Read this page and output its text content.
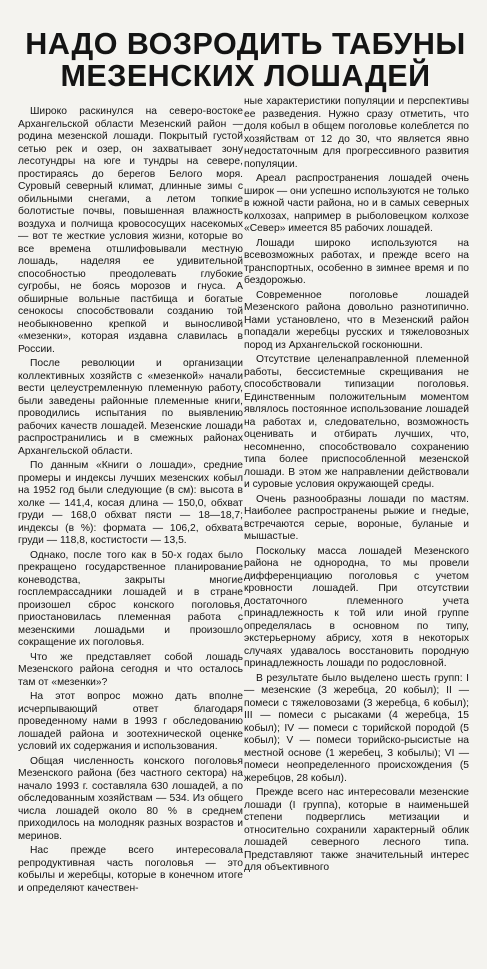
НАДО ВОЗРОДИТЬ ТАБУНЫ
МЕЗЕНСКИХ ЛОШАДЕЙ

Широко раскинулся на северо-востоке Архангельской области Мезенский район — родина мезенской лошади. Покрытый густой сетью рек и озер, он захватывает зону лесотундры на юге и тундры на севере, простираясь до берегов Белого моря. Суровый северный климат, длинные зимы с обильными снегами, а летом топкие болотистые почвы, повышенная влажность воздуха и полчища кровососущих насекомых — вот те жесткие условия жизни, которые во все времена отшлифовывали местную лошадь, наделяя ее удивительной способностью преодолевать глубокие сугробы, не боясь морозов и гнуса. А обширные вольные пастбища и богатые сенокосы способствовали созданию той необыкновенно крепкой и выносливой «мезенки», которая издавна славилась в России.

После революции и организации коллективных хозяйств с «мезенкой» начали вести целеустремленную племенную работу, были заведены районные племенные книги, проводились испытания по выявлению рабочих качеств лошадей. Мезенские лошади распространились и в смежных районах Архангельской области.

По данным «Книги о лошади», средние промеры и индексы лучших мезенских кобыл на 1952 год были следующие (в см): высота в холке — 141,4, косая длина — 150,0, обхват груди — 168,0 обхват пясти — 18—18,7; индексы (в %): формата — 106,2, обхвата груди — 118,8, костистости — 13,5.

Однако, после того как в 50-х годах было прекращено государственное планирование коневодства, закрыты многие госплемрассадники лошадей и в стране произошел сброс конского поголовья, приостановилась племенная работа с мезенскими лошадьми и произошло сокращение их поголовья.

Что же представляет собой лошадь Мезенского района сегодня и что осталось там от «мезенки»?

На этот вопрос можно дать вполне исчерпывающий ответ благодаря проведенному нами в 1993 г обследованию лошадей района и зоотехнической оценке условий их содержания и использования.

Общая численность конского поголовья Мезенского района (без частного сектора) на начало 1993 г. составляла 630 лошадей, а по обследованным хозяйствам — 534. Из общего числа лошадей около 80 % в среднем приходилось на молодняк разных возрастов и меринов.

Нас прежде всего интересовала репродуктивная часть поголовья — это кобылы и жеребцы, которые в конечном итоге и определяют качествен-

ные характеристики популяции и перспективы ее разведения. Нужно сразу отметить, что доля кобыл в общем поголовье колеблется по хозяйствам от 12 до 30, что является явно недостаточным для прогрессивного развития популяции.

Ареал распространения лошадей очень широк — они успешно используются не только в южной части района, но и в самых северных колхозах, например в рыболовецком колхозе «Север» имеется 85 рабочих лошадей.

Лошади широко используются на всевозможных работах, и прежде всего на транспортных, особенно в зимнее время и по бездорожью.

Современное поголовье лошадей Мезенского района довольно разнотипично. Нами установлено, что в Мезенский район попадали жеребцы русских и тяжеловозных пород из Архангельской госконюшни.

Отсутствие целенаправленной племенной работы, бессистемные скрещивания не способствовали типизации поголовья. Единственным положительным моментом являлось постоянное использование лошадей на работах и, следовательно, возможность оценивать и отбирать лучших, что, несомненно, способствовало сохранению типа более приспособленной мезенской лошади. В этом же направлении действовали и суровые условия окружающей среды.

Очень разнообразны лошади по мастям. Наиболее распространены рыжие и гнедые, встречаются серые, вороные, буланые и мышастые.

Поскольку масса лошадей Мезенского района не однородна, то мы провели дифференциацию поголовья с учетом кровности лошадей. При отсутствии достаточного племенного учета принадлежность к той или иной группе определялась в основном по типу, экстерьерному абрису, хотя в некоторых случаях удавалось восстановить породную принадлежность лошади по родословной.

В результате было выделено шесть групп: I — мезенские (3 жеребца, 20 кобыл); II — помеси с тяжеловозами (3 жеребца, 6 кобыл); III — помеси с рысаками (4 жеребца, 15 кобыл); IV — помеси с торийской породой (5 кобыл); V — помеси торийско-рысистые на местной основе (1 жеребец, 3 кобылы); VI — помеси неопределенного происхождения (5 жеребцов, 28 кобыл).

Прежде всего нас интересовали мезенские лошади (I группа), которые в наименьшей степени подверглись метизации и относительно сохранили характерный облик лошадей северного лесного типа. Представляют также значительный интерес для объективного
